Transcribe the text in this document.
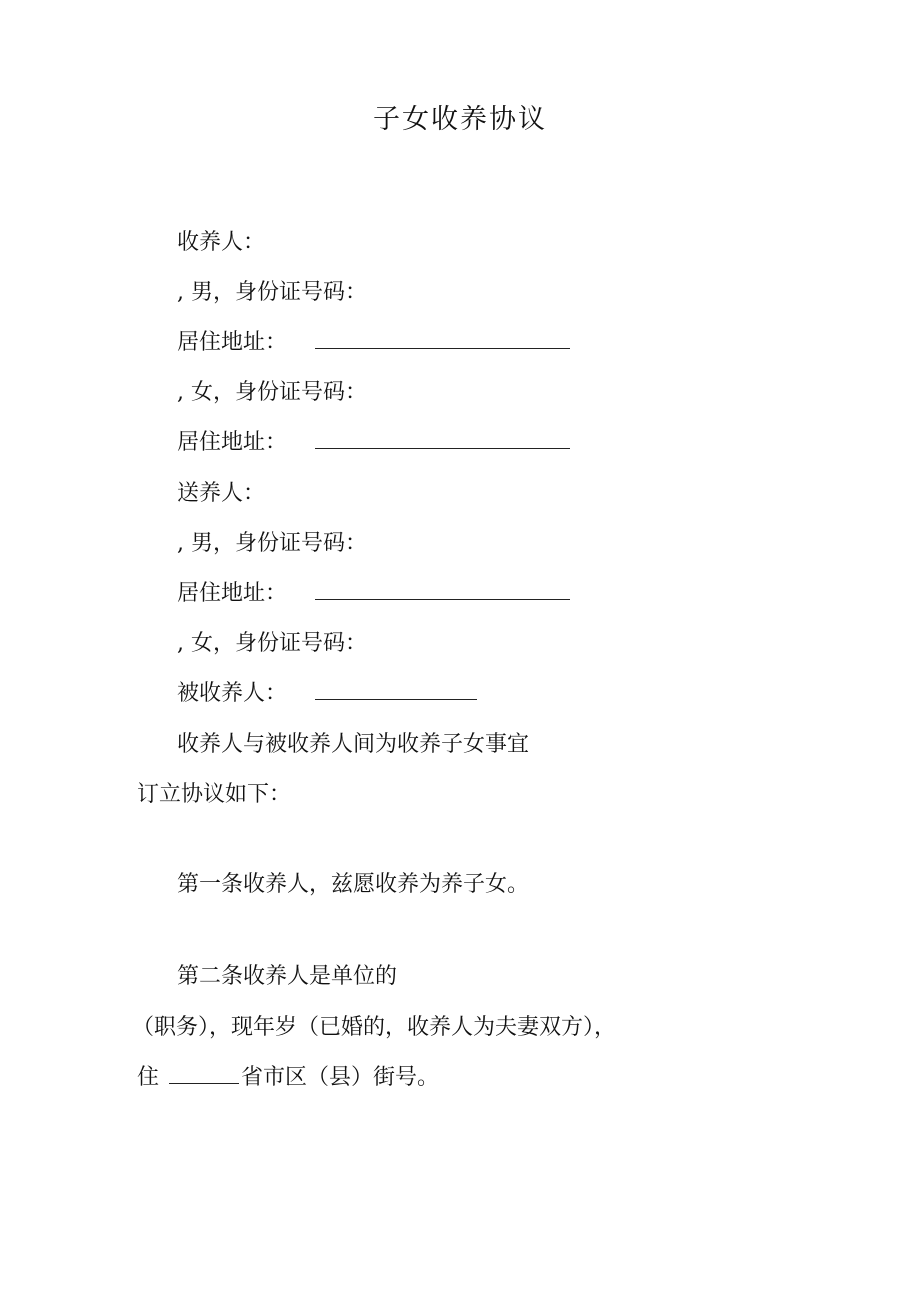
子女收养协议
收养人：
, 男，身份证号码：
居住地址：
, 女，身份证号码：
居住地址：
送养人：
, 男，身份证号码：
居住地址：
, 女，身份证号码：
被收养人：
收养人与被收养人间为收养子女事宜
订立协议如下：
第一条收养人，兹愿收养为养子女。
第二条收养人是单位的
（职务），现年岁（已婚的，收养人为夫妻双方），
住	省市区（县）街号。
